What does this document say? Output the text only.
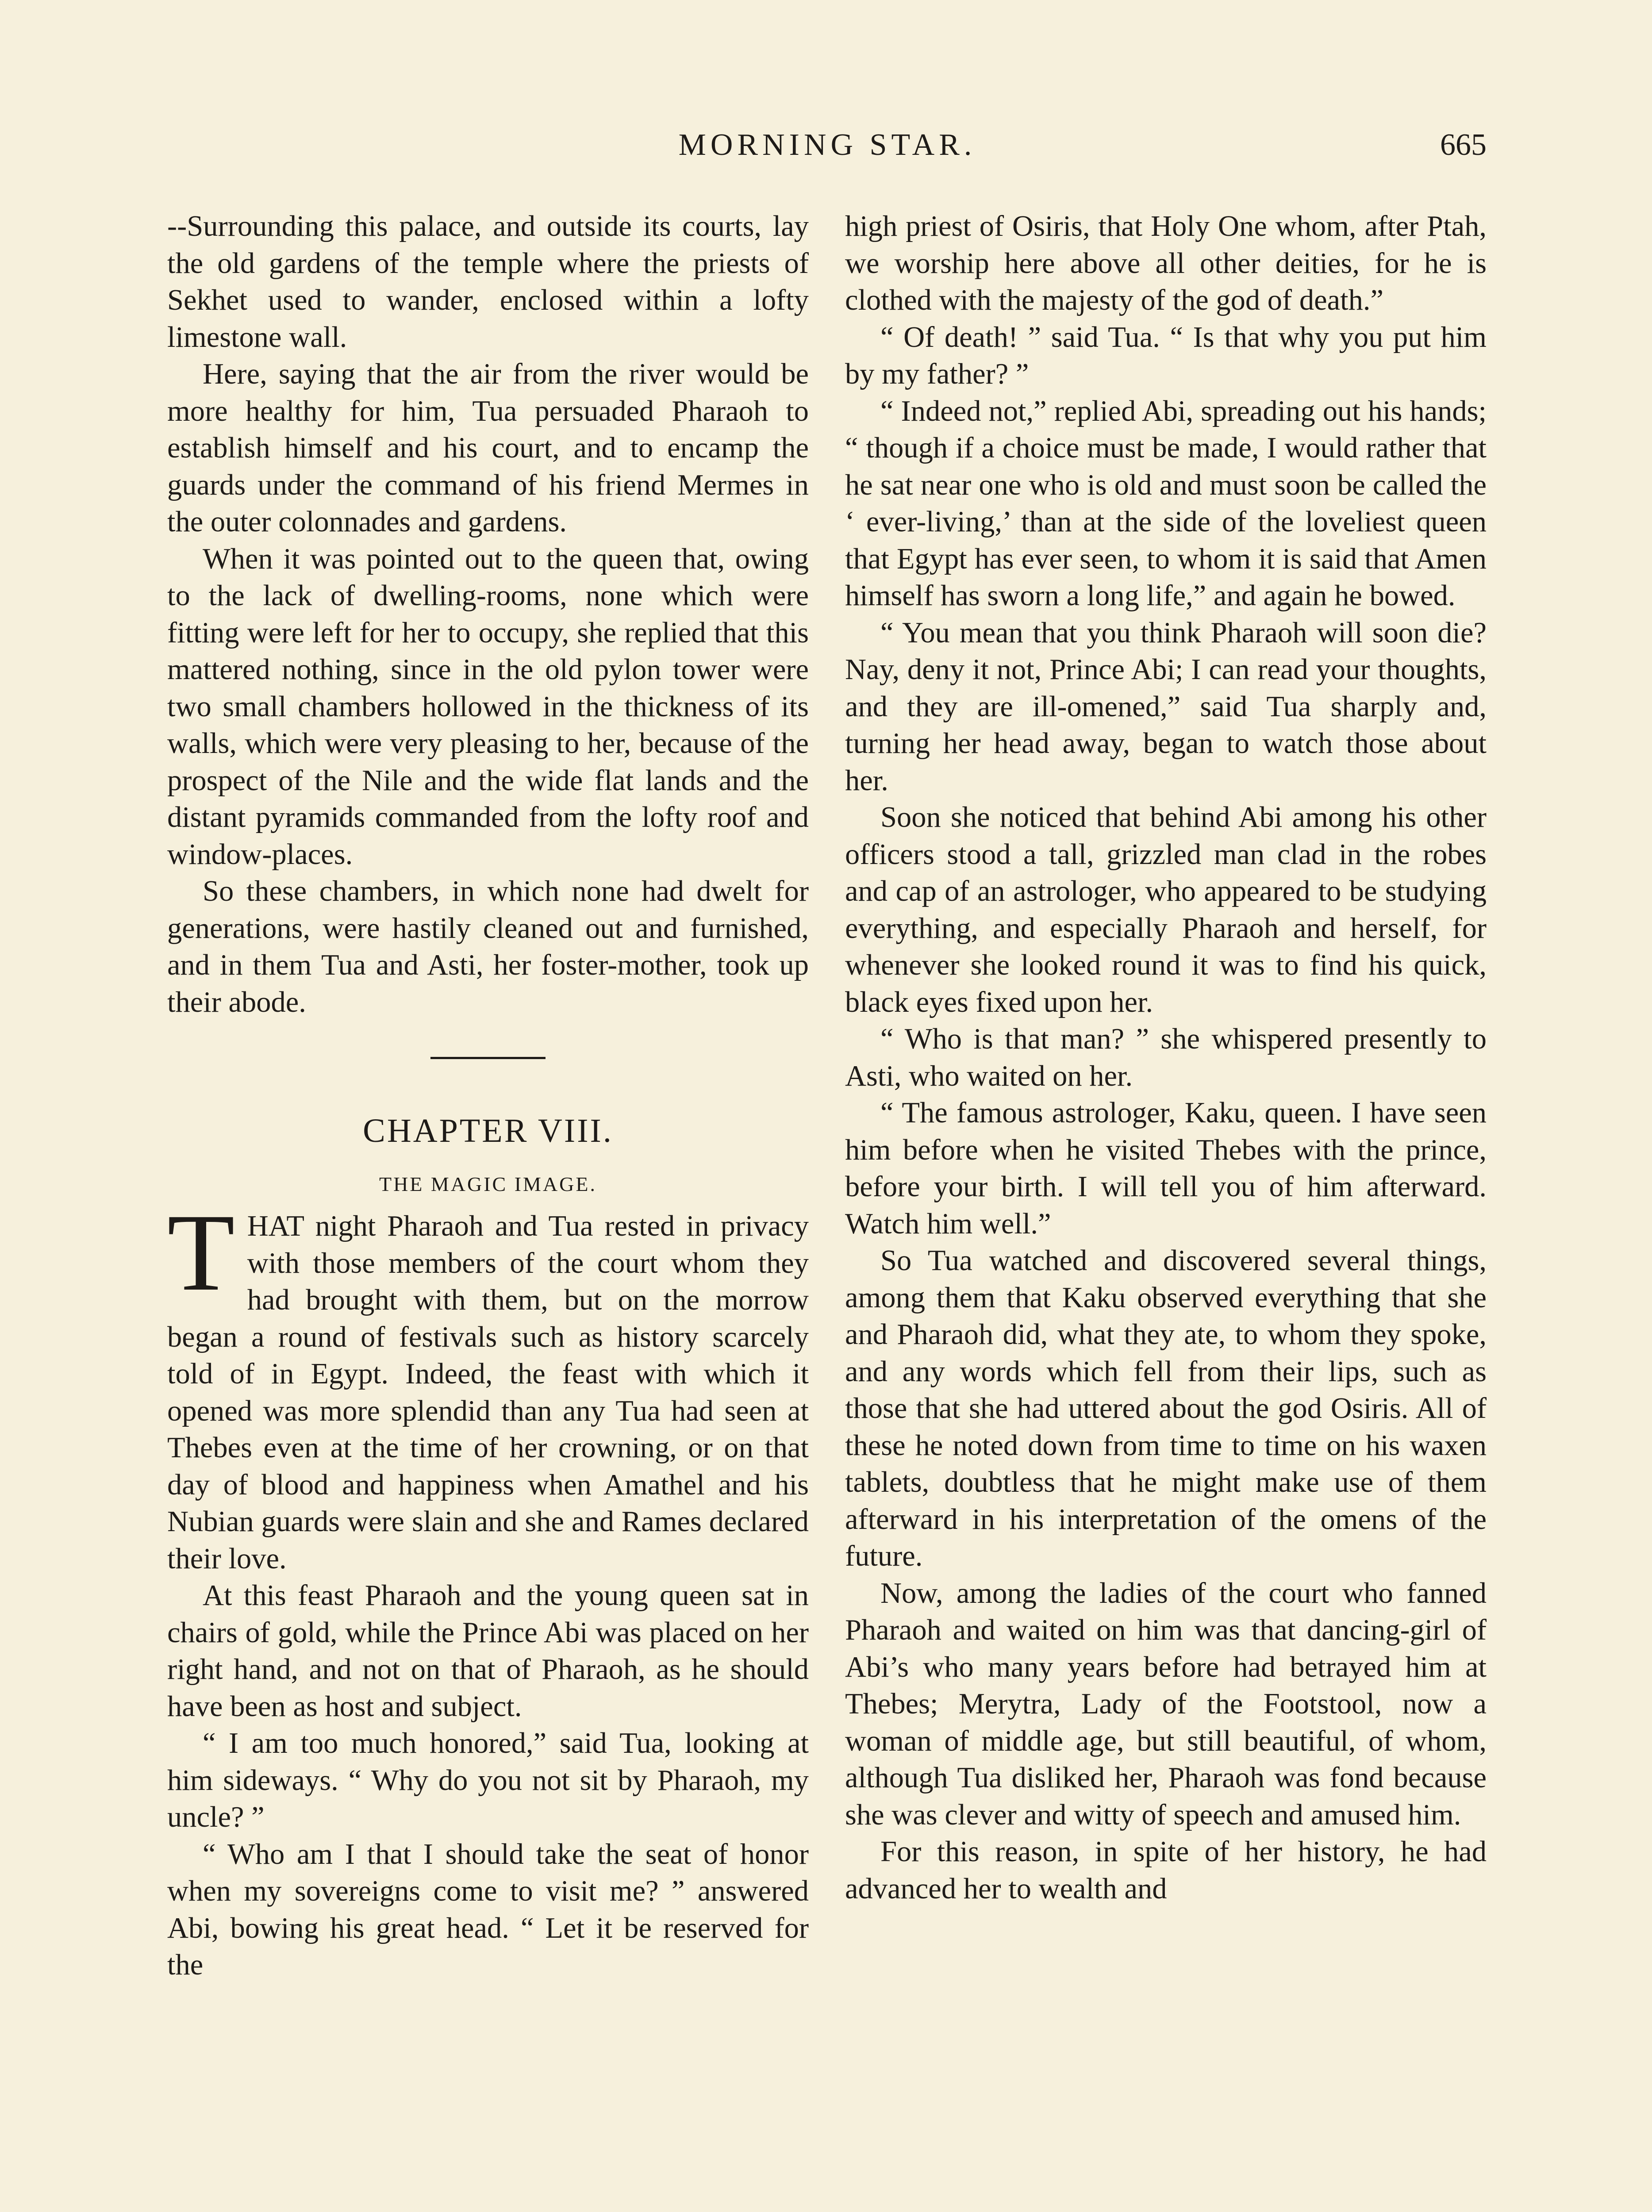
MORNING STAR.	665

--Surrounding this palace, and outside its courts, lay the old gardens of the temple where the priests of Sekhet used to wander, enclosed within a lofty limestone wall.

Here, saying that the air from the river would be more healthy for him, Tua persuaded Pharaoh to establish himself and his court, and to encamp the guards under the command of his friend Mermes in the outer colonnades and gardens.

When it was pointed out to the queen that, owing to the lack of dwelling-rooms, none which were fitting were left for her to occupy, she replied that this mattered nothing, since in the old pylon tower were two small chambers hollowed in the thickness of its walls, which were very pleasing to her, because of the prospect of the Nile and the wide flat lands and the distant pyramids commanded from the lofty roof and window-places.

So these chambers, in which none had dwelt for generations, were hastily cleaned out and furnished, and in them Tua and Asti, her foster-mother, took up their abode.

CHAPTER VIII.
THE MAGIC IMAGE.

THAT night Pharaoh and Tua rested in privacy with those members of the court whom they had brought with them, but on the morrow began a round of festivals such as history scarcely told of in Egypt. Indeed, the feast with which it opened was more splendid than any Tua had seen at Thebes even at the time of her crowning, or on that day of blood and happiness when Amathel and his Nubian guards were slain and she and Rames declared their love.

At this feast Pharaoh and the young queen sat in chairs of gold, while the Prince Abi was placed on her right hand, and not on that of Pharaoh, as he should have been as host and subject.

“ I am too much honored,” said Tua, looking at him sideways. “ Why do you not sit by Pharaoh, my uncle? ”

“ Who am I that I should take the seat of honor when my sovereigns come to visit me? ” answered Abi, bowing his great head. “ Let it be reserved for the

high priest of Osiris, that Holy One whom, after Ptah, we worship here above all other deities, for he is clothed with the majesty of the god of death.”

“ Of death! ” said Tua. “ Is that why you put him by my father? ”

“ Indeed not,” replied Abi, spreading out his hands; “ though if a choice must be made, I would rather that he sat near one who is old and must soon be called the ‘ ever-living,’ than at the side of the loveliest queen that Egypt has ever seen, to whom it is said that Amen himself has sworn a long life,” and again he bowed.

“ You mean that you think Pharaoh will soon die? Nay, deny it not, Prince Abi; I can read your thoughts, and they are ill-omened,” said Tua sharply and, turning her head away, began to watch those about her.

Soon she noticed that behind Abi among his other officers stood a tall, grizzled man clad in the robes and cap of an astrologer, who appeared to be studying everything, and especially Pharaoh and herself, for whenever she looked round it was to find his quick, black eyes fixed upon her.

“ Who is that man? ” she whispered presently to Asti, who waited on her.

“ The famous astrologer, Kaku, queen. I have seen him before when he visited Thebes with the prince, before your birth. I will tell you of him afterward. Watch him well.”

So Tua watched and discovered several things, among them that Kaku observed everything that she and Pharaoh did, what they ate, to whom they spoke, and any words which fell from their lips, such as those that she had uttered about the god Osiris. All of these he noted down from time to time on his waxen tablets, doubtless that he might make use of them afterward in his interpretation of the omens of the future.

Now, among the ladies of the court who fanned Pharaoh and waited on him was that dancing-girl of Abi’s who many years before had betrayed him at Thebes; Merytra, Lady of the Footstool, now a woman of middle age, but still beautiful, of whom, although Tua disliked her, Pharaoh was fond because she was clever and witty of speech and amused him.

For this reason, in spite of her history, he had advanced her to wealth and
